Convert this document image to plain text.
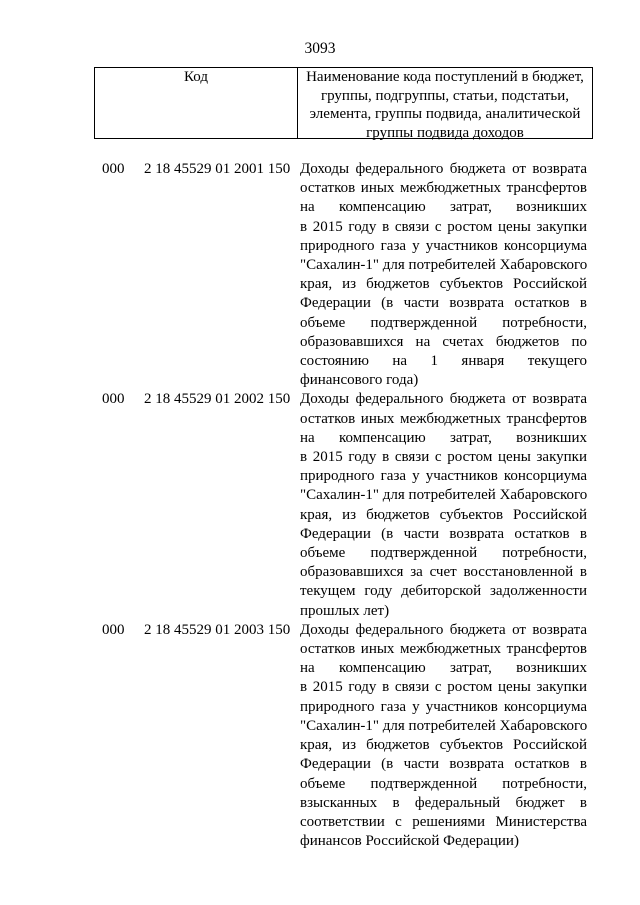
3093
Код	Наименование кода поступлений в бюджет,
группы, подгруппы, статьи, подстатьи,
элемента, группы подвида, аналитической
группы подвида доходов
000 2 18 45529 01 2001 150 Доходы федерального бюджета от возврата
остатков иных межбюджетных трансфертов
на компенсацию затрат, возникших
в 2015 году в связи с ростом цены закупки
природного газа у участников консорциума
"Сахалин-1" для потребителей Хабаровского
края, из бюджетов субъектов Российской
Федерации (в части возврата остатков в
объеме подтвержденной потребности,
образовавшихся на счетах бюджетов по
состоянию на 1 января текущего
финансового года)
000 2 18 45529 01 2002 150 Доходы федерального бюджета от возврата
остатков иных межбюджетных трансфертов
на компенсацию затрат, возникших
в 2015 году в связи с ростом цены закупки
природного газа у участников консорциума
"Сахалин-1" для потребителей Хабаровского
края, из бюджетов субъектов Российской
Федерации (в части возврата остатков в
объеме подтвержденной потребности,
образовавшихся за счет восстановленной в
текущем году дебиторской задолженности
прошлых лет)
000 2 18 45529 01 2003 150 Доходы федерального бюджета от возврата
остатков иных межбюджетных трансфертов
на компенсацию затрат, возникших
в 2015 году в связи с ростом цены закупки
природного газа у участников консорциума
"Сахалин-1" для потребителей Хабаровского
края, из бюджетов субъектов Российской
Федерации (в части возврата остатков в
объеме подтвержденной потребности,
взысканных в федеральный бюджет в
соответствии с решениями Министерства
финансов Российской Федерации)
